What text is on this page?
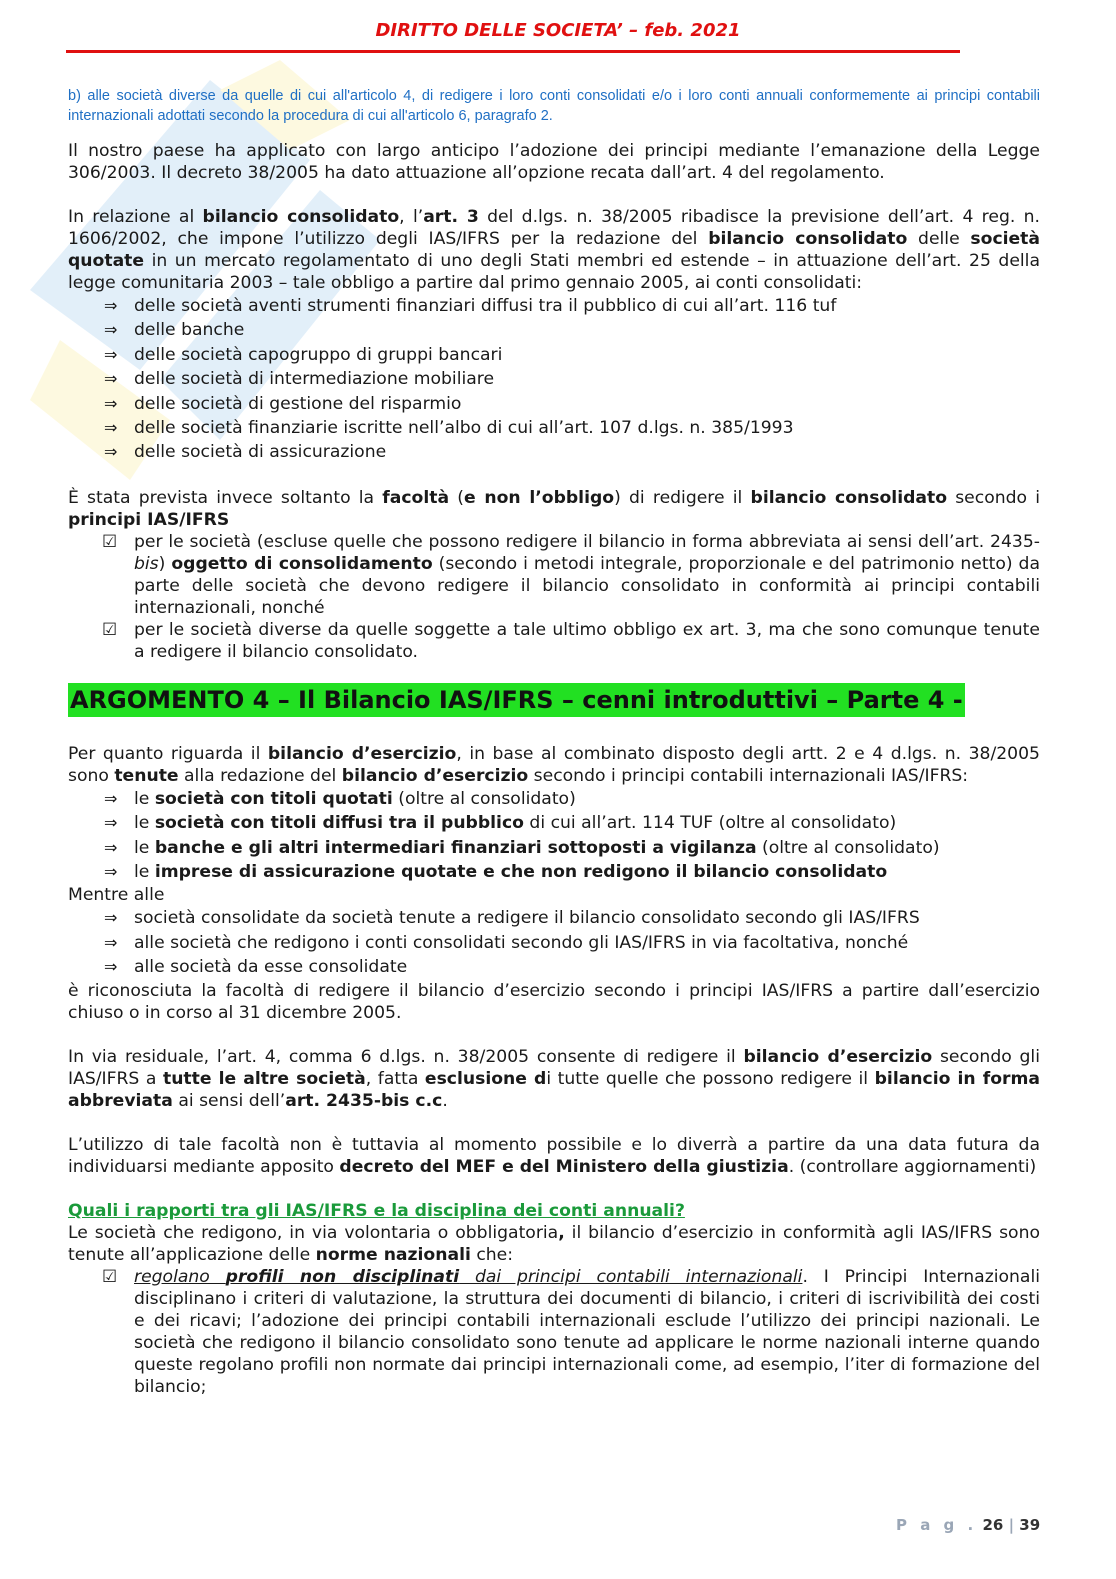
DIRITTO DELLE SOCIETA’ – feb. 2021

b) alle società diverse da quelle di cui all'articolo 4, di redigere i loro conti consolidati e/o i loro conti annuali conformemente ai principi contabili internazionali adottati secondo la procedura di cui all'articolo 6, paragrafo 2.

Il nostro paese ha applicato con largo anticipo l’adozione dei principi mediante l’emanazione della Legge 306/2003. Il decreto 38/2005 ha dato attuazione all’opzione recata dall’art. 4 del regolamento.

In relazione al bilancio consolidato, l’art. 3 del d.lgs. n. 38/2005 ribadisce la previsione dell’art. 4 reg. n. 1606/2002, che impone l’utilizzo degli IAS/IFRS per la redazione del bilancio consolidato delle società quotate in un mercato regolamentato di uno degli Stati membri ed estende – in attuazione dell’art. 25 della legge comunitaria 2003 – tale obbligo a partire dal primo gennaio 2005, ai conti consolidati:

⇒ delle società aventi strumenti finanziari diffusi tra il pubblico di cui all’art. 116 tuf
⇒ delle banche
⇒ delle società capogruppo di gruppi bancari
⇒ delle società di intermediazione mobiliare
⇒ delle società di gestione del risparmio
⇒ delle società finanziarie iscritte nell’albo di cui all’art. 107 d.lgs. n. 385/1993
⇒ delle società di assicurazione

È stata prevista invece soltanto la facoltà (e non l’obbligo) di redigere il bilancio consolidato secondo i principi IAS/IFRS

☑ per le società (escluse quelle che possono redigere il bilancio in forma abbreviata ai sensi dell’art. 2435-bis) oggetto di consolidamento (secondo i metodi integrale, proporzionale e del patrimonio netto) da parte delle società che devono redigere il bilancio consolidato in conformità ai principi contabili internazionali, nonché
☑ per le società diverse da quelle soggette a tale ultimo obbligo ex art. 3, ma che sono comunque tenute a redigere il bilancio consolidato.
ARGOMENTO 4 – Il Bilancio IAS/IFRS – cenni introduttivi – Parte 4 -

Per quanto riguarda il bilancio d’esercizio, in base al combinato disposto degli artt. 2 e 4 d.lgs. n. 38/2005 sono tenute alla redazione del bilancio d’esercizio secondo i principi contabili internazionali IAS/IFRS:

⇒ le società con titoli quotati (oltre al consolidato)
⇒ le società con titoli diffusi tra il pubblico di cui all’art. 114 TUF (oltre al consolidato)
⇒ le banche e gli altri intermediari finanziari sottoposti a vigilanza (oltre al consolidato)
⇒ le imprese di assicurazione quotate e che non redigono il bilancio consolidato

Mentre alle

⇒ società consolidate da società tenute a redigere il bilancio consolidato secondo gli IAS/IFRS
⇒ alle società che redigono i conti consolidati secondo gli IAS/IFRS in via facoltativa, nonché
⇒ alle società da esse consolidate

è riconosciuta la facoltà di redigere il bilancio d’esercizio secondo i principi IAS/IFRS a partire dall’esercizio chiuso o in corso al 31 dicembre 2005.

In via residuale, l’art. 4, comma 6 d.lgs. n. 38/2005 consente di redigere il bilancio d’esercizio secondo gli IAS/IFRS a tutte le altre società, fatta esclusione di tutte quelle che possono redigere il bilancio in forma abbreviata ai sensi dell’art. 2435-bis c.c.

L’utilizzo di tale facoltà non è tuttavia al momento possibile e lo diverrà a partire da una data futura da individuarsi mediante apposito decreto del MEF e del Ministero della giustizia. (controllare aggiornamenti)

Quali i rapporti tra gli IAS/IFRS e la disciplina dei conti annuali?

Le società che redigono, in via volontaria o obbligatoria, il bilancio d’esercizio in conformità agli IAS/IFRS sono tenute all’applicazione delle norme nazionali che:

☑ regolano profili non disciplinati dai principi contabili internazionali. I Principi Internazionali disciplinano i criteri di valutazione, la struttura dei documenti di bilancio, i criteri di iscrivibilità dei costi e dei ricavi; l’adozione dei principi contabili internazionali esclude l’utilizzo dei principi nazionali. Le società che redigono il bilancio consolidato sono tenute ad applicare le norme nazionali interne quando queste regolano profili non normate dai principi internazionali come, ad esempio, l’iter di formazione del bilancio;
P a g . 26 | 39
